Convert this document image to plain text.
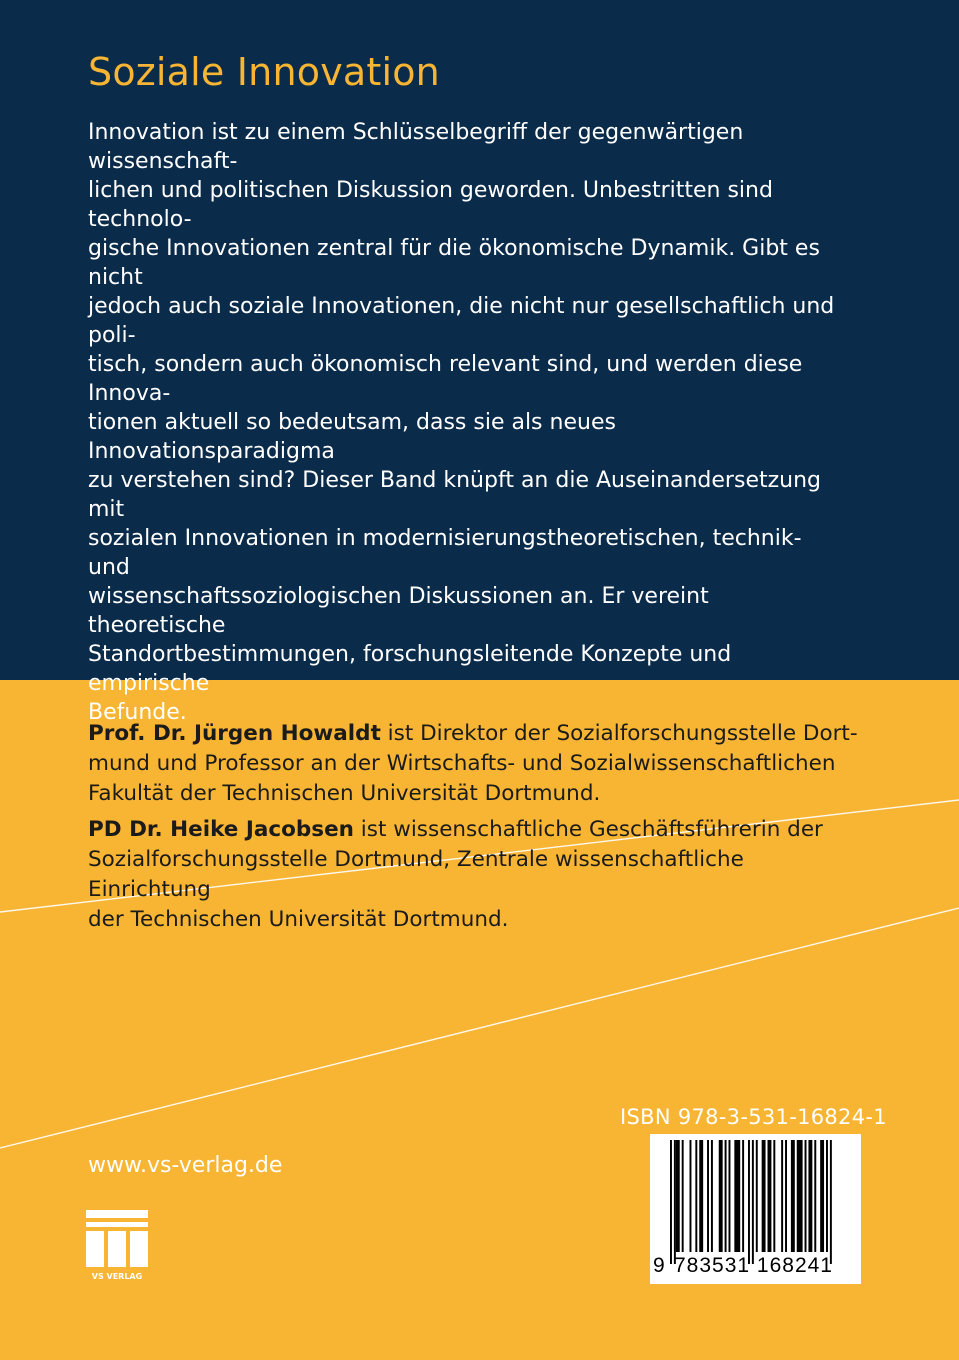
Soziale Innovation

Innovation ist zu einem Schlüsselbegriff der gegenwärtigen wissenschaft-
lichen und politischen Diskussion geworden. Unbestritten sind technolo-
gische Innovationen zentral für die ökonomische Dynamik. Gibt es nicht
jedoch auch soziale Innovationen, die nicht nur gesellschaftlich und poli-
tisch, sondern auch ökonomisch relevant sind, und werden diese Innova-
tionen aktuell so bedeutsam, dass sie als neues Innovationsparadigma
zu verstehen sind? Dieser Band knüpft an die Auseinandersetzung mit
sozialen Innovationen in modernisierungstheoretischen, technik- und
wissenschaftssoziologischen Diskussionen an. Er vereint theoretische
Standortbestimmungen, forschungsleitende Konzepte und empirische
Befunde.

Prof. Dr. Jürgen Howaldt ist Direktor der Sozialforschungsstelle Dort-
mund und Professor an der Wirtschafts- und Sozialwissenschaftlichen
Fakultät der Technischen Universität Dortmund.

PD Dr. Heike Jacobsen ist wissenschaftliche Geschäftsführerin der
Sozialforschungsstelle Dortmund, Zentrale wissenschaftliche Einrichtung
der Technischen Universität Dortmund.

www.vs-verlag.de
VS VERLAG
ISBN 978-3-531-16824-1
9 783531 168241
